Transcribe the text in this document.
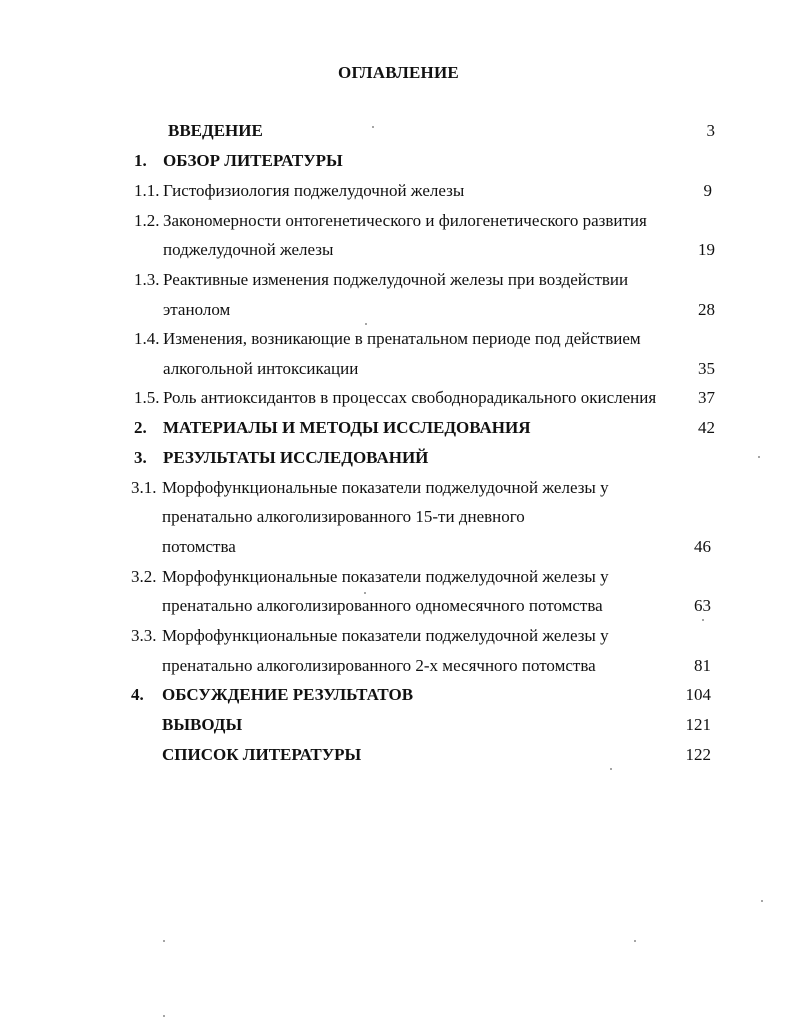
ОГЛАВЛЕНИЕ
ВВЕДЕНИЕ	3
1. ОБЗОР ЛИТЕРАТУРЫ
1.1. Гистофизиология поджелудочной железы	9
1.2. Закономерности онтогенетического и филогенетического развития
поджелудочной железы	19
1.3. Реактивные изменения поджелудочной железы при воздействии
этанолом	28
1.4. Изменения, возникающие в пренатальном периоде под действием
алкогольной интоксикации	35
1.5. Роль антиоксидантов в процессах свободнорадикального окисления 37
2. МАТЕРИАЛЫ И МЕТОДЫ ИССЛЕДОВАНИЯ	42
3. РЕЗУЛЬТАТЫ ИССЛЕДОВАНИЙ
3.1. Морфофункциональные показатели поджелудочной железы у
пренатально алкоголизированного 15-ти дневного
потомства	46
3.2. Морфофункциональные показатели поджелудочной железы у
пренатально алкоголизированного одномесячного потомства	63
3.3. Морфофункциональные показатели поджелудочной железы у
пренатально алкоголизированного 2-х месячного потомства	81
4. ОБСУЖДЕНИЕ РЕЗУЛЬТАТОВ	104
ВЫВОДЫ	121
СПИСОК ЛИТЕРАТУРЫ	122
